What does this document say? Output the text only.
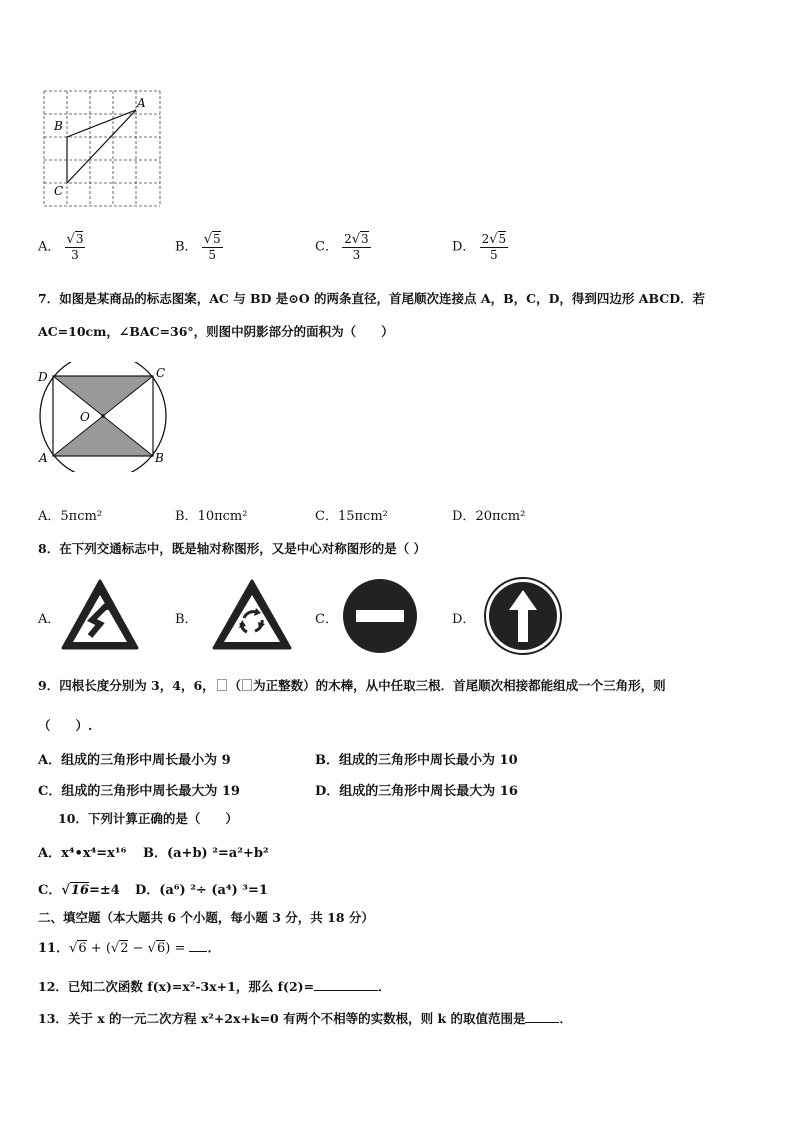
A
B
C
A． $\frac{√3}{3}$	B． $\frac{√5}{5}$	C． $\frac{2√3}{3}$	D． $\frac{2√5}{5}$
7．如图是某商品的标志图案，AC 与 BD 是⊙O 的两条直径，首尾顺次连接点 A，B，C，D，得到四边形 ABCD．若
AC=10cm，∠BAC=36°，则图中阴影部分的面积为（　　）
D	C
O
A	B
A．5πcm²	B．10πcm²	C．15πcm²	D．20πcm²
8．在下列交通标志中，既是轴对称图形，又是中心对称图形的是（ ）
A．	B．	C．	D．
9．四根长度分别为 3，4，6， （ 为正整数）的木棒，从中任取三根．首尾顺次相接都能组成一个三角形，则
（　　）.
A．组成的三角形中周长最小为 9	B．组成的三角形中周长最小为 10
C．组成的三角形中周长最大为 19	D．组成的三角形中周长最大为 16
10．下列计算正确的是（　　）
A．x⁴•x⁴=x¹⁶ B．(a+b) ²=a²+b²
C．√16=±4 D．(a⁶) ²÷ (a⁴) ³=1
二、填空题（本大题共 6 个小题，每小题 3 分，共 18 分）
11．√6 + (√2 − √6) = ．
12．已知二次函数 f(x)=x²-3x+1，那么 f(2)=	．
13．关于 x 的一元二次方程 x²+2x+k=0 有两个不相等的实数根，则 k 的取值范围是	．
